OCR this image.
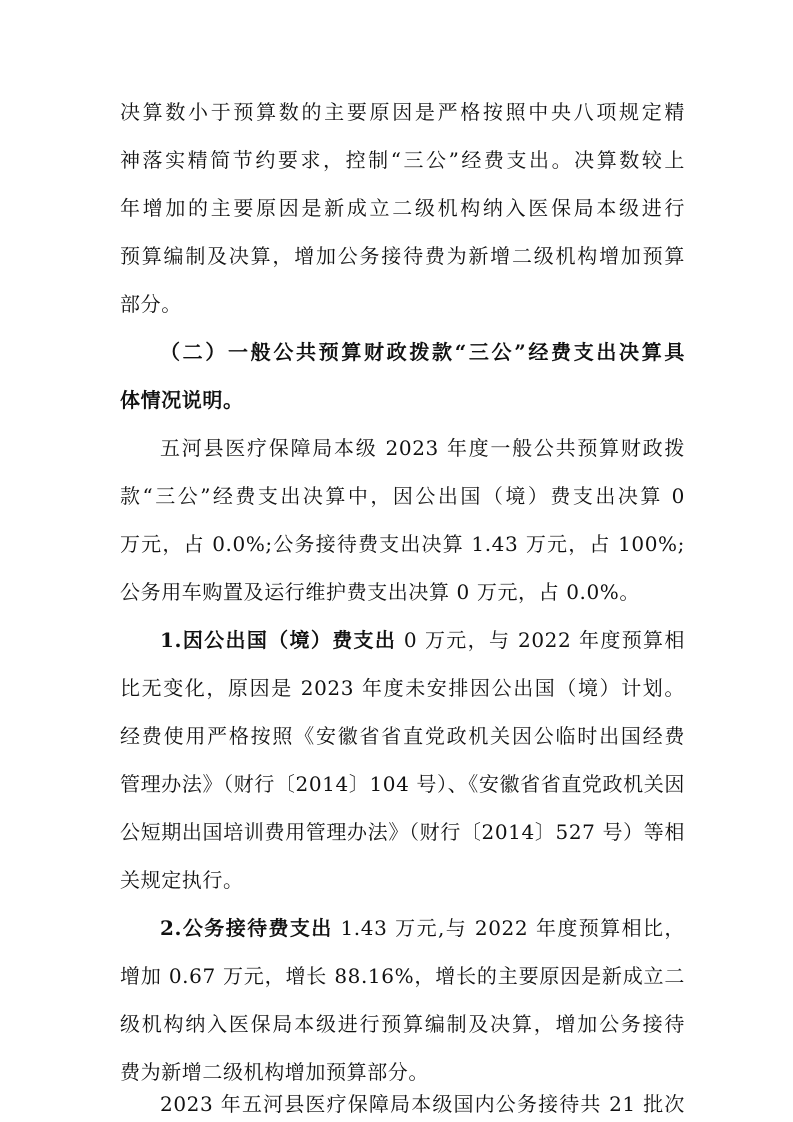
决算数小于预算数的主要原因是严格按照中央八项规定精
神落实精简节约要求，控制“三公”经费支出。决算数较上
年增加的主要原因是新成立二级机构纳入医保局本级进行
预算编制及决算，增加公务接待费为新增二级机构增加预算
部分。
（二）一般公共预算财政拨款“三公”经费支出决算具
体情况说明。
五河县医疗保障局本级 2023 年度一般公共预算财政拨
款“三公”经费支出决算中，因公出国（境）费支出决算 0
万元，占 0.0%;公务接待费支出决算 1.43 万元，占 100%;
公务用车购置及运行维护费支出决算 0 万元，占 0.0%。
1.因公出国（境）费支出 0 万元，与 2022 年度预算相
比无变化，原因是 2023 年度未安排因公出国（境）计划。
经费使用严格按照《安徽省省直党政机关因公临时出国经费
管理办法》（财行〔2014〕104 号）、《安徽省省直党政机关因
公短期出国培训费用管理办法》（财行〔2014〕527 号）等相
关规定执行。
2.公务接待费支出 1.43 万元,与 2022 年度预算相比，
增加 0.67 万元，增长 88.16%，增长的主要原因是新成立二
级机构纳入医保局本级进行预算编制及决算，增加公务接待
费为新增二级机构增加预算部分。
2023 年五河县医疗保障局本级国内公务接待共 21 批次
